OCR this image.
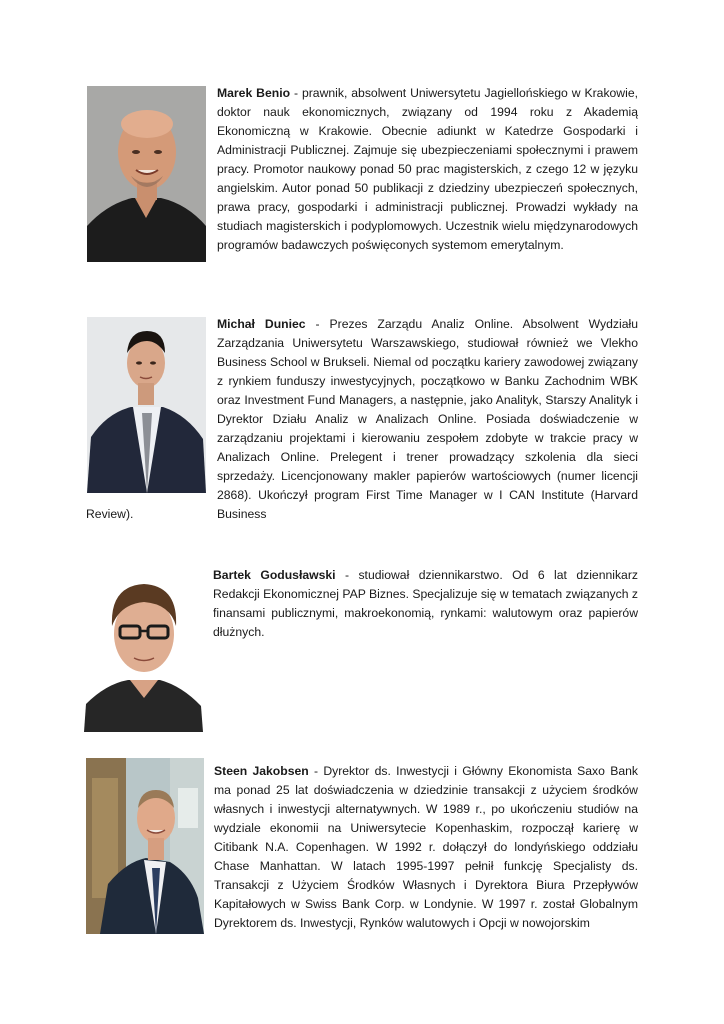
Marek Benio - prawnik, absolwent Uniwersytetu Jagiellońskiego w Krakowie, doktor nauk ekonomicznych, związany od 1994 roku z Akademią Ekonomiczną w Krakowie. Obecnie adiunkt w Katedrze Gospodarki i Administracji Publicznej. Zajmuje się ubezpieczeniami społecznymi i prawem pracy. Promotor naukowy ponad 50 prac magisterskich, z czego 12 w języku angielskim. Autor ponad 50 publikacji z dziedziny ubezpieczeń społecznych, prawa pracy, gospodarki i administracji publicznej. Prowadzi wykłady na studiach magisterskich i podyplomowych. Uczestnik wielu międzynarodowych programów badawczych poświęconych systemom emerytalnym.

Michał Duniec - Prezes Zarządu Analiz Online. Absolwent Wydziału Zarządzania Uniwersytetu Warszawskiego, studiował również we Vlekho Business School w Brukseli. Niemal od początku kariery zawodowej związany z rynkiem funduszy inwestycyjnych, początkowo w Banku Zachodnim WBK oraz Investment Fund Managers, a następnie, jako Analityk, Starszy Analityk i Dyrektor Działu Analiz w Analizach Online. Posiada doświadczenie w zarządzaniu projektami i kierowaniu zespołem zdobyte w trakcie pracy w Analizach Online. Prelegent i trener prowadzący szkolenia dla sieci sprzedaży. Licencjonowany makler papierów wartościowych (numer licencji 2868). Ukończył program First Time Manager w I CAN Institute (Harvard Business

Review).

Bartek Godusławski - studiował dziennikarstwo. Od 6 lat dziennikarz Redakcji Ekonomicznej PAP Biznes. Specjalizuje się w tematach związanych z finansami publicznymi, makroekonomią, rynkami: walutowym oraz papierów dłużnych.

Steen Jakobsen - Dyrektor ds. Inwestycji i Główny Ekonomista Saxo Bank ma ponad 25 lat doświadczenia w dziedzinie transakcji z użyciem środków własnych i inwestycji alternatywnych. W 1989 r., po ukończeniu studiów na wydziale ekonomii na Uniwersytecie Kopenhaskim, rozpoczął karierę w Citibank N.A. Copenhagen. W 1992 r. dołączył do londyńskiego oddziału Chase Manhattan. W latach 1995-1997 pełnił funkcję Specjalisty ds. Transakcji z Użyciem Środków Własnych i Dyrektora Biura Przepływów Kapitałowych w Swiss Bank Corp. w Londynie. W 1997 r. został Globalnym Dyrektorem ds. Inwestycji, Rynków walutowych i Opcji w nowojorskim
